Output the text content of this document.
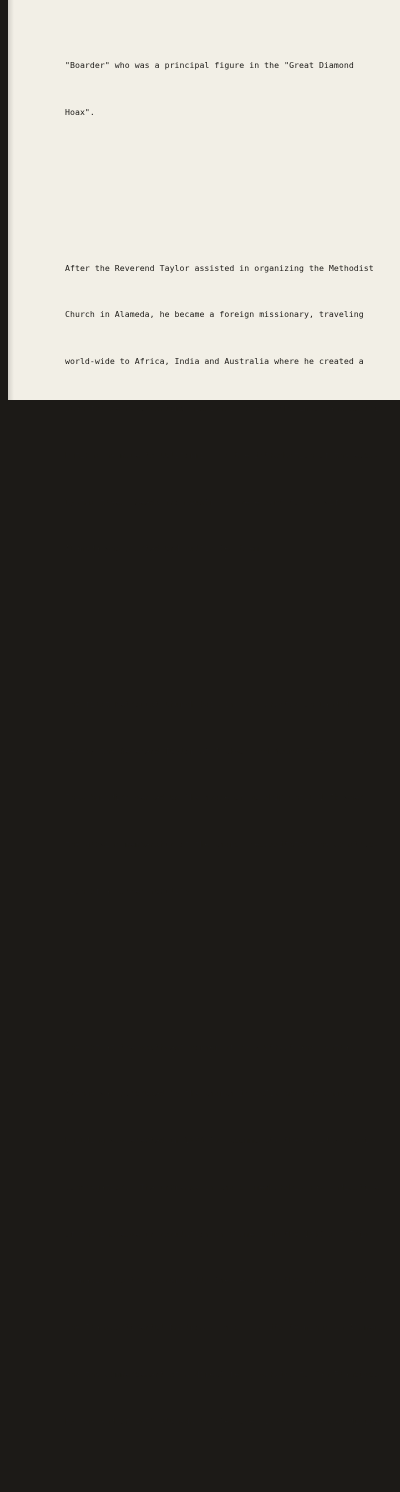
"Boarder" who was a principal figure in the "Great Diamond

Hoax".

After the Reverend Taylor assisted in organizing the Methodist

Church in Alameda, he became a foreign missionary, traveling

world-wide to Africa, India and Australia where he created a

plan for self-supporting missions.  One of the important contri-

butions he made to California was the introduction of the euca-

lyptus tree.  Seeds from Australia were sent to his wife in

Alameda who planted and cultivated them.

The first Methodist Church building was erected on land dona-

ted by the Reverend Taylor at Jackson and Mound Streets in 1854.

This building served as the house of worship until 1876 when

the growing membership of the church necessitated the construc-

tion of a larger facility.

The lot at the southwest corner of Park Street and Central

Avenue was purchased by the church in 1871, and the church

building was erected in 1876 to accommodate the rapidly growing

congregation.  The increase in church membership was indicative

of the increase in population in Alameda in the 1860's.  This

dramatic growth was partially the result of the completion of

the Transcontinental Railroad, which had its terminus in Alameda,

and the commencement of a direct ferry service to San Francisco.

By the end of 1870 Alameda boasted over 1,000 residences divided
